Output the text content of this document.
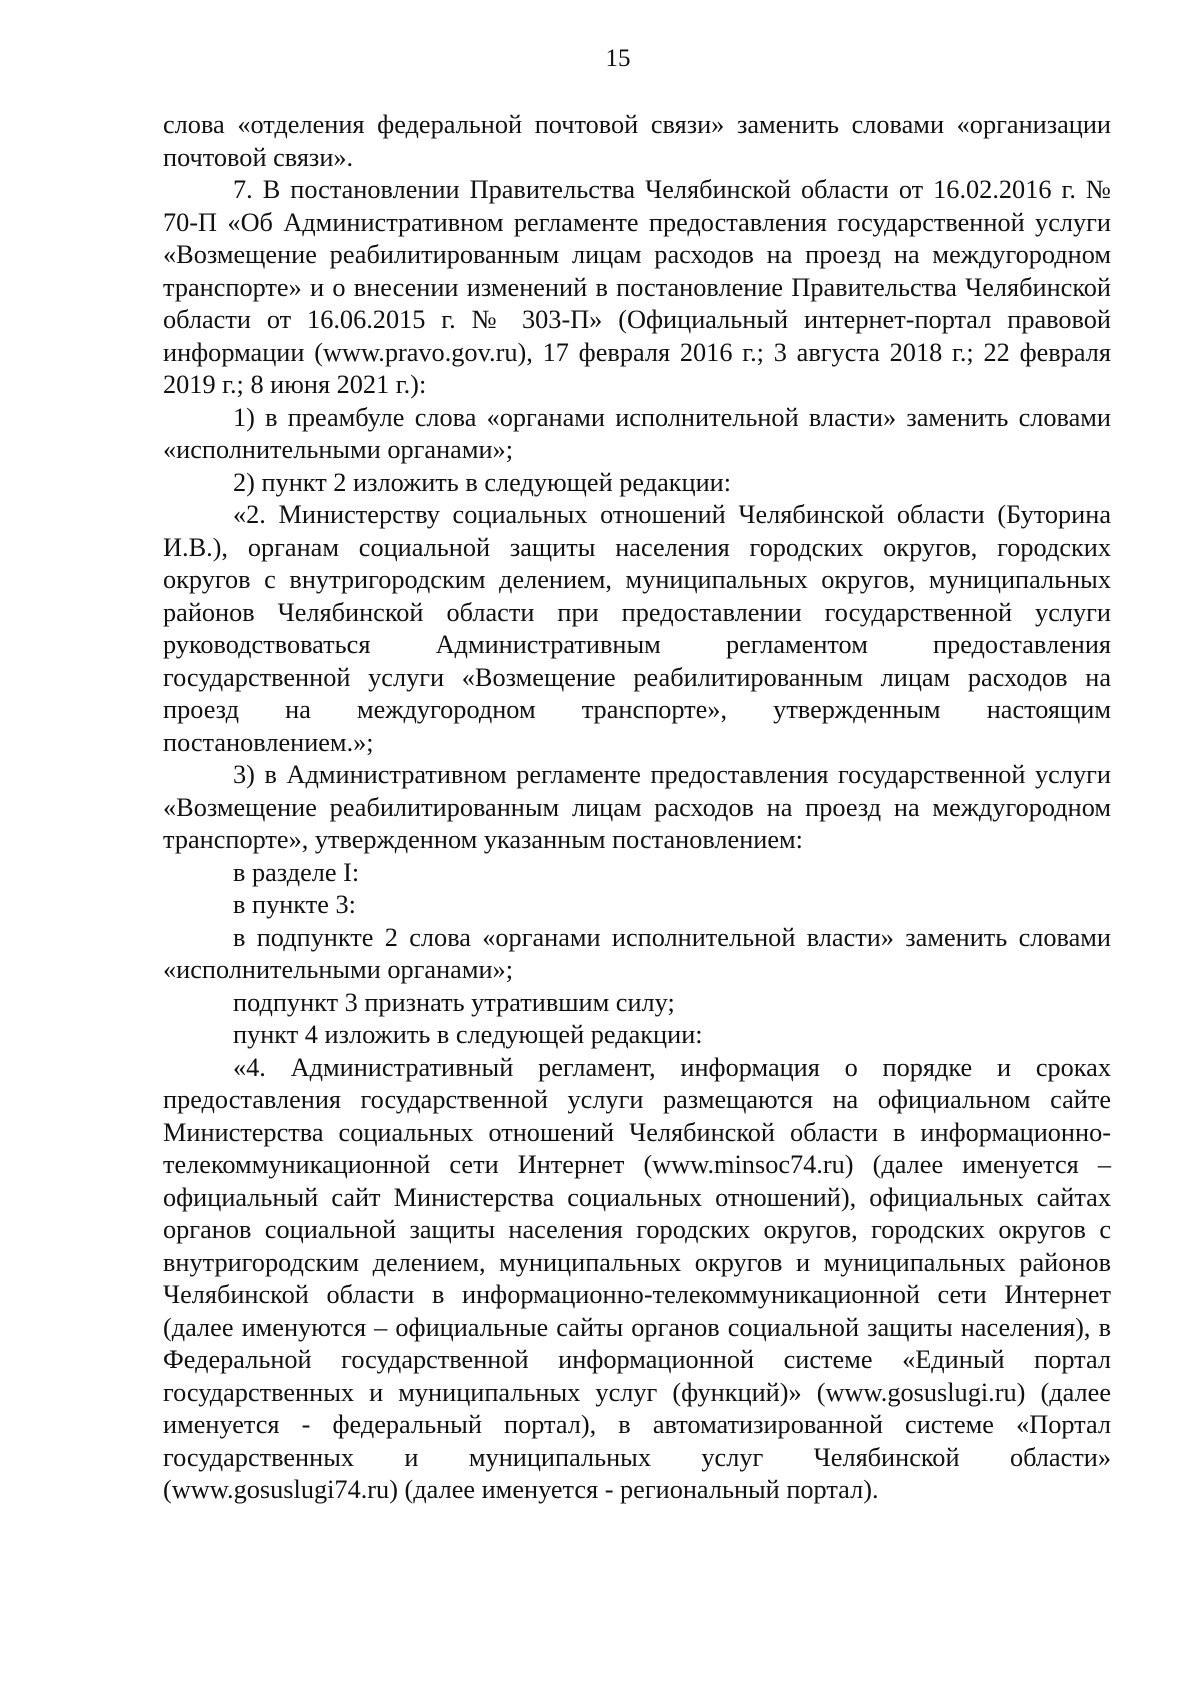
15

слова «отделения федеральной почтовой связи» заменить словами «организации почтовой связи».

7. В постановлении Правительства Челябинской области от 16.02.2016 г. № 70-П «Об Административном регламенте предоставления государственной услуги «Возмещение реабилитированным лицам расходов на проезд на междугородном транспорте» и о внесении изменений в постановление Правительства Челябинской области от 16.06.2015 г. № 303-П» (Официальный интернет-портал правовой информации (www.pravo.gov.ru), 17 февраля 2016 г.; 3 августа 2018 г.; 22 февраля 2019 г.; 8 июня 2021 г.):

1) в преамбуле слова «органами исполнительной власти» заменить словами «исполнительными органами»;

2) пункт 2 изложить в следующей редакции:

«2. Министерству социальных отношений Челябинской области (Буторина И.В.), органам социальной защиты населения городских округов, городских округов с внутригородским делением, муниципальных округов, муниципальных районов Челябинской области при предоставлении государственной услуги руководствоваться Административным регламентом предоставления государственной услуги «Возмещение реабилитированным лицам расходов на проезд на междугородном транспорте», утвержденным настоящим постановлением.»;

3) в Административном регламенте предоставления государственной услуги «Возмещение реабилитированным лицам расходов на проезд на междугородном транспорте», утвержденном указанным постановлением:

в разделе I:

в пункте 3:

в подпункте 2 слова «органами исполнительной власти» заменить словами «исполнительными органами»;

подпункт 3 признать утратившим силу;

пункт 4 изложить в следующей редакции:

«4. Административный регламент, информация о порядке и сроках предоставления государственной услуги размещаются на официальном сайте Министерства социальных отношений Челябинской области в информационно-телекоммуникационной сети Интернет (www.minsoc74.ru) (далее именуется – официальный сайт Министерства социальных отношений), официальных сайтах органов социальной защиты населения городских округов, городских округов с внутригородским делением, муниципальных округов и муниципальных районов Челябинской области в информационно-телекоммуникационной сети Интернет (далее именуются – официальные сайты органов социальной защиты населения), в Федеральной государственной информационной системе «Единый портал государственных и муниципальных услуг (функций)» (www.gosuslugi.ru) (далее именуется - федеральный портал), в автоматизированной системе «Портал государственных и муниципальных услуг Челябинской области» (www.gosuslugi74.ru) (далее именуется - региональный портал).
